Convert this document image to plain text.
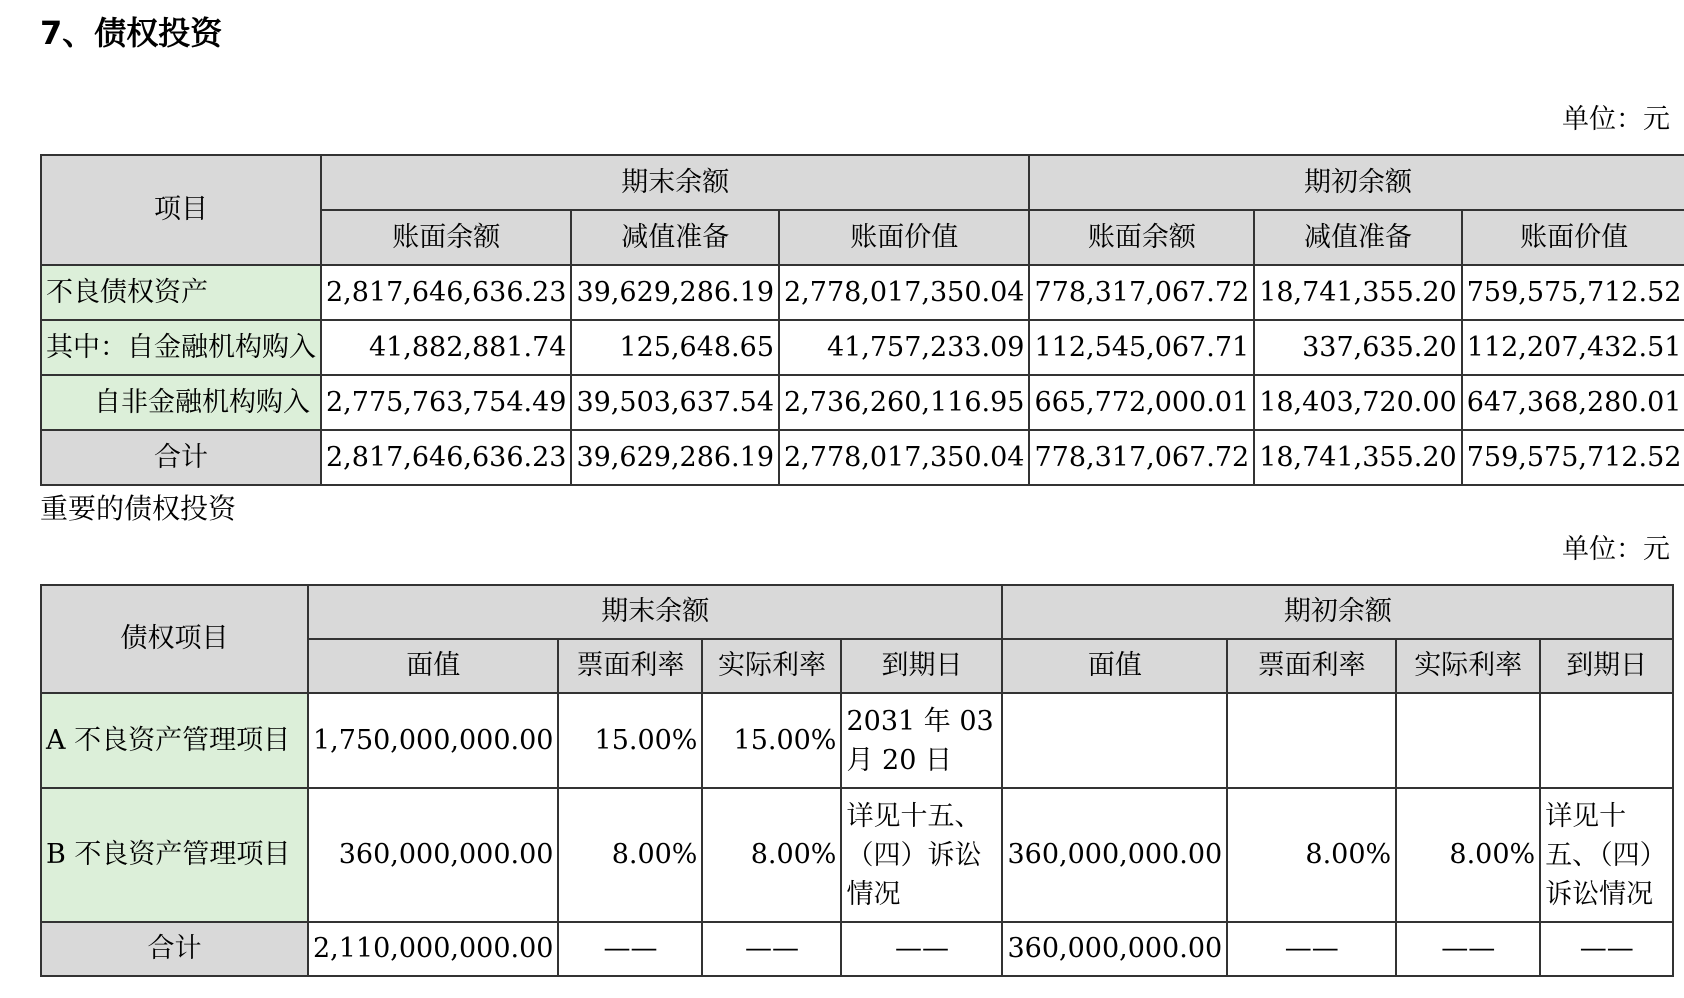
7、债权投资

单位：元

项目	期末余额			期初余额		
	账面余额	减值准备	账面价值	账面余额	减值准备	账面价值
不良债权资产	2,817,646,636.23	39,629,286.19	2,778,017,350.04	778,317,067.72	18,741,355.20	759,575,712.52
其中：自金融机构购入	41,882,881.74	125,648.65	41,757,233.09	112,545,067.71	337,635.20	112,207,432.51
自非金融机构购入	2,775,763,754.49	39,503,637.54	2,736,260,116.95	665,772,000.01	18,403,720.00	647,368,280.01
合计	2,817,646,636.23	39,629,286.19	2,778,017,350.04	778,317,067.72	18,741,355.20	759,575,712.52

重要的债权投资

单位：元

债权项目	期末余额				期初余额			
	面值	票面利率	实际利率	到期日	面值	票面利率	实际利率	到期日
A 不良资产管理项目	1,750,000,000.00	15.00%	15.00%	2031 年 03 月 20 日				
B 不良资产管理项目	360,000,000.00	8.00%	8.00%	详见十五、（四）诉讼情况	360,000,000.00	8.00%	8.00%	详见十五、（四）诉讼情况
合计	2,110,000,000.00	——	——	——	360,000,000.00	——	——	——
